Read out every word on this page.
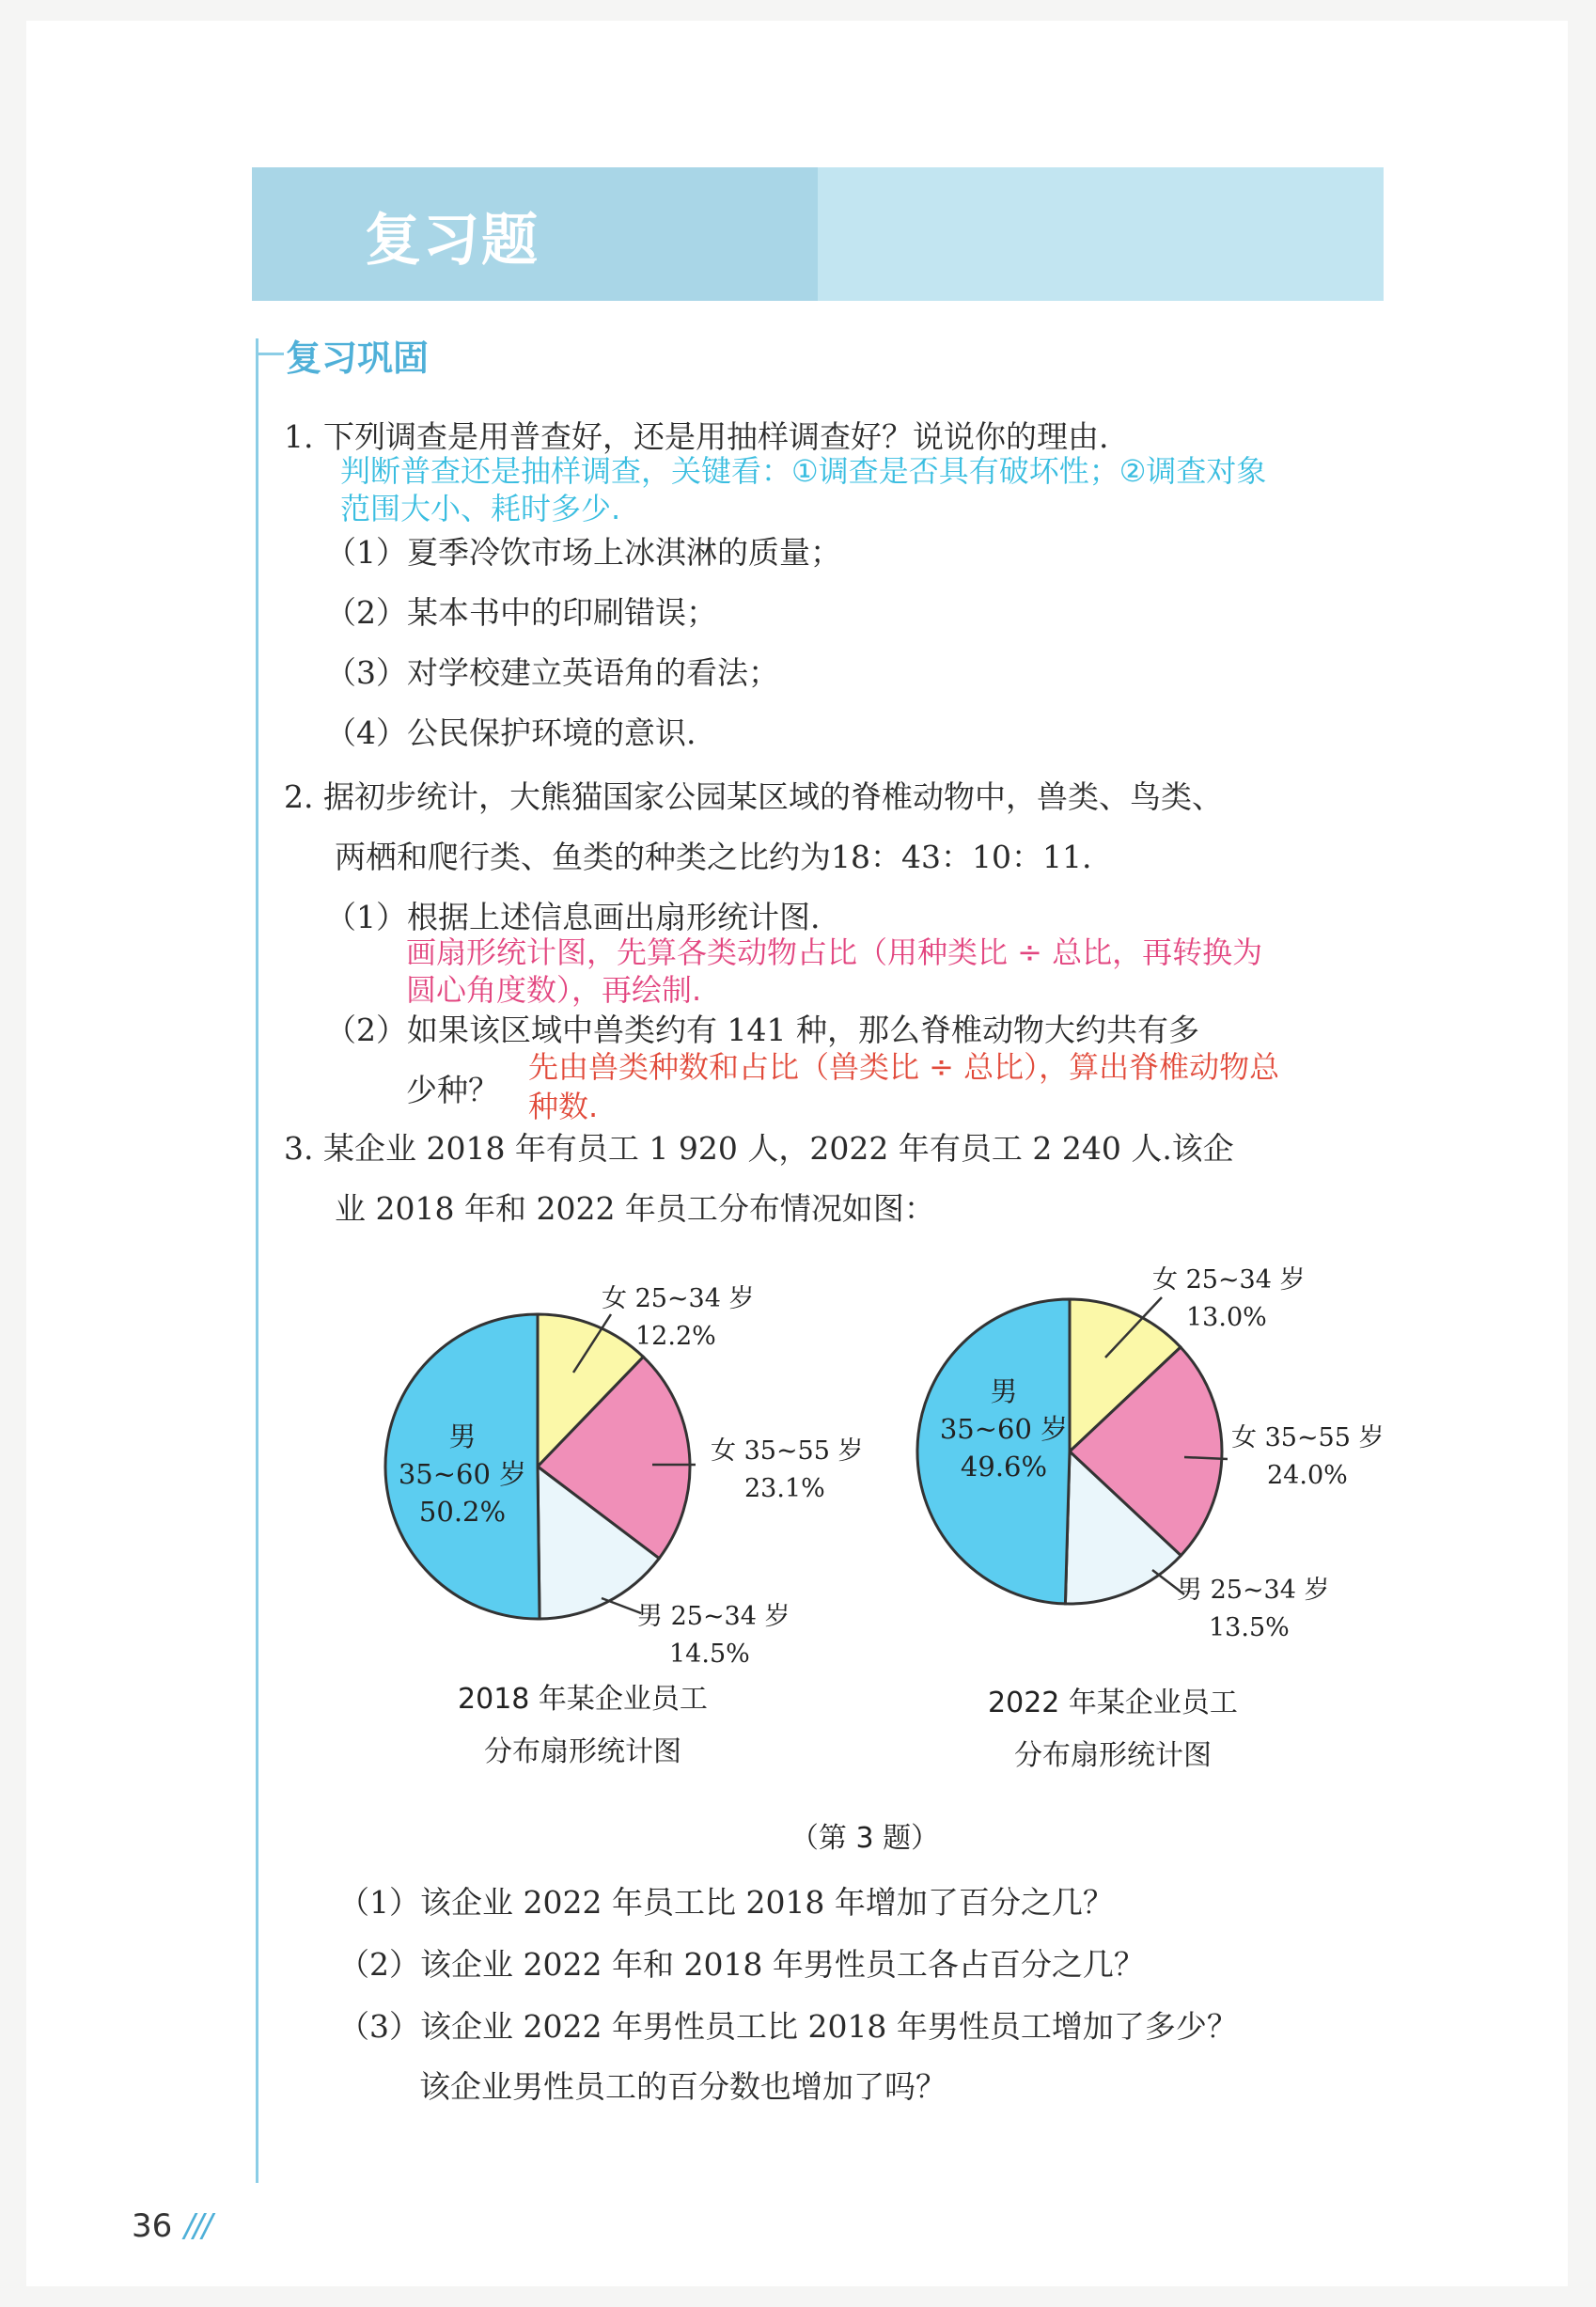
复习题
复习巩固
1. 下列调查是用普查好，还是用抽样调查好？说说你的理由.
判断普查还是抽样调查，关键看：①调查是否具有破坏性；②调查对象
范围大小、耗时多少.
（1）夏季冷饮市场上冰淇淋的质量；
（2）某本书中的印刷错误；
（3）对学校建立英语角的看法；
（4）公民保护环境的意识.
2. 据初步统计，大熊猫国家公园某区域的脊椎动物中，兽类、鸟类、
两栖和爬行类、鱼类的种类之比约为18：43：10：11.
（1）根据上述信息画出扇形统计图.
画扇形统计图，先算各类动物占比（用种类比 ÷ 总比，再转换为
圆心角度数），再绘制.
（2）如果该区域中兽类约有 141 种，那么脊椎动物大约共有多
少种？
先由兽类种数和占比（兽类比 ÷ 总比），算出脊椎动物总
种数.
3. 某企业 2018 年有员工 1 920 人，2022 年有员工 2 240 人.该企
业 2018 年和 2022 年员工分布情况如图：
女 25~34 岁
12.2%
女 35~55 岁
23.1%
男 25~34 岁
14.5%
男
35~60 岁
50.2%
女 25~34 岁
13.0%
女 35~55 岁
24.0%
男 25~34 岁
13.5%
男
35~60 岁
49.6%
2018 年某企业员工
分布扇形统计图
2022 年某企业员工
分布扇形统计图
（第 3 题）
（1）该企业 2022 年员工比 2018 年增加了百分之几？
（2）该企业 2022 年和 2018 年男性员工各占百分之几？
（3）该企业 2022 年男性员工比 2018 年男性员工增加了多少？
该企业男性员工的百分数也增加了吗？
36 ///
